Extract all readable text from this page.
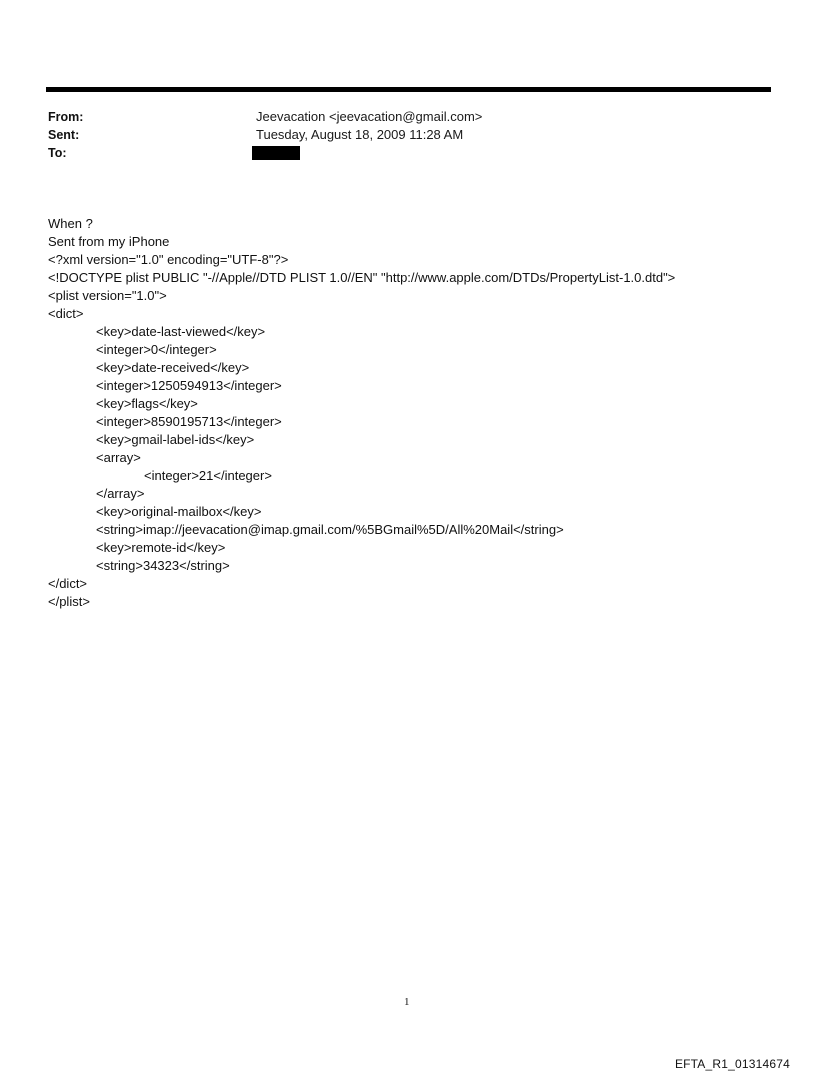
From:	Jeevacation <jeevacation@gmail.com>
Sent:	Tuesday, August 18, 2009 11:28 AM
To:
When ?
Sent from my iPhone
<?xml version="1.0" encoding="UTF-8"?>
<!DOCTYPE plist PUBLIC "-//Apple//DTD PLIST 1.0//EN" "http://www.apple.com/DTDs/PropertyList-1.0.dtd">
<plist version="1.0">
<dict>
<key>date-last-viewed</key>
<integer>0</integer>
<key>date-received</key>
<integer>1250594913</integer>
<key>flags</key>
<integer>8590195713</integer>
<key>gmail-label-ids</key>
<array>
<integer>21</integer>
</array>
<key>original-mailbox</key>
<string>imap://jeevacation@imap.gmail.com/%5BGmail%5D/All%20Mail</string>
<key>remote-id</key>
<string>34323</string>
</dict>
</plist>
1
EFTA_R1_01314674
